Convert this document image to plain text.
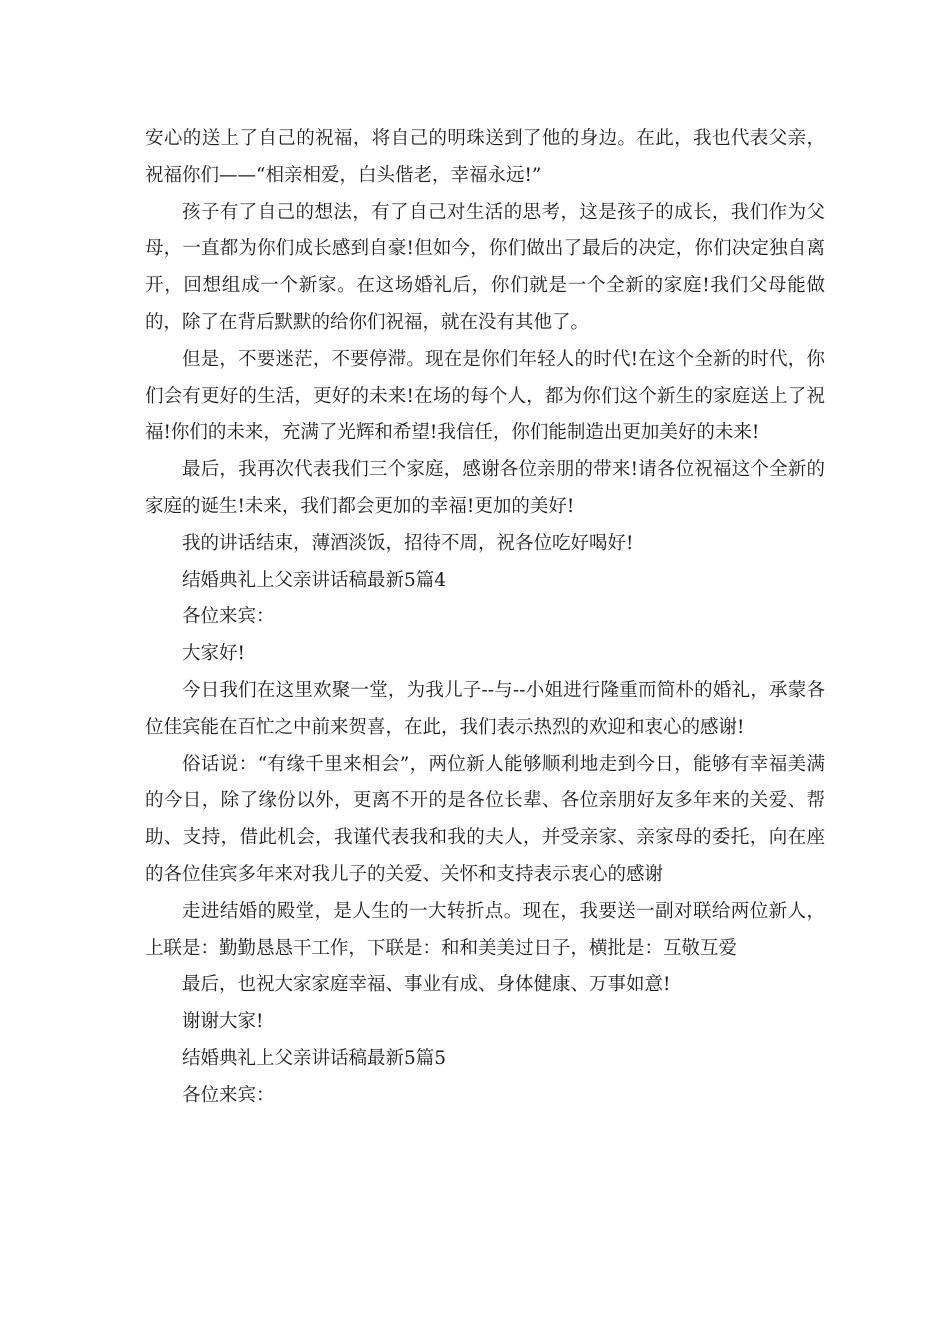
安心的送上了自己的祝福，将自己的明珠送到了他的身边。在此，我也代表父亲，祝福你们——“相亲相爱，白头偕老，幸福永远!”

孩子有了自己的想法，有了自己对生活的思考，这是孩子的成长，我们作为父母，一直都为你们成长感到自豪!但如今，你们做出了最后的决定，你们决定独自离开，回想组成一个新家。在这场婚礼后，你们就是一个全新的家庭!我们父母能做的，除了在背后默默的给你们祝福，就在没有其他了。

但是，不要迷茫，不要停滞。现在是你们年轻人的时代!在这个全新的时代，你们会有更好的生活，更好的未来!在场的每个人，都为你们这个新生的家庭送上了祝福!你们的未来，充满了光辉和希望!我信任，你们能制造出更加美好的未来!

最后，我再次代表我们三个家庭，感谢各位亲朋的带来!请各位祝福这个全新的家庭的诞生!未来，我们都会更加的幸福!更加的美好!

我的讲话结束，薄酒淡饭，招待不周，祝各位吃好喝好!

结婚典礼上父亲讲话稿最新5篇4

各位来宾：

大家好!

今日我们在这里欢聚一堂，为我儿子--与--小姐进行隆重而简朴的婚礼，承蒙各位佳宾能在百忙之中前来贺喜，在此，我们表示热烈的欢迎和衷心的感谢!

俗话说：“有缘千里来相会”，两位新人能够顺利地走到今日，能够有幸福美满的今日，除了缘份以外，更离不开的是各位长辈、各位亲朋好友多年来的关爱、帮助、支持，借此机会，我谨代表我和我的夫人，并受亲家、亲家母的委托，向在座的各位佳宾多年来对我儿子的关爱、关怀和支持表示衷心的感谢

走进结婚的殿堂，是人生的一大转折点。现在，我要送一副对联给两位新人，上联是：勤勤恳恳干工作，下联是：和和美美过日子，横批是：互敬互爱

最后，也祝大家家庭幸福、事业有成、身体健康、万事如意!

谢谢大家!

结婚典礼上父亲讲话稿最新5篇5

各位来宾：
